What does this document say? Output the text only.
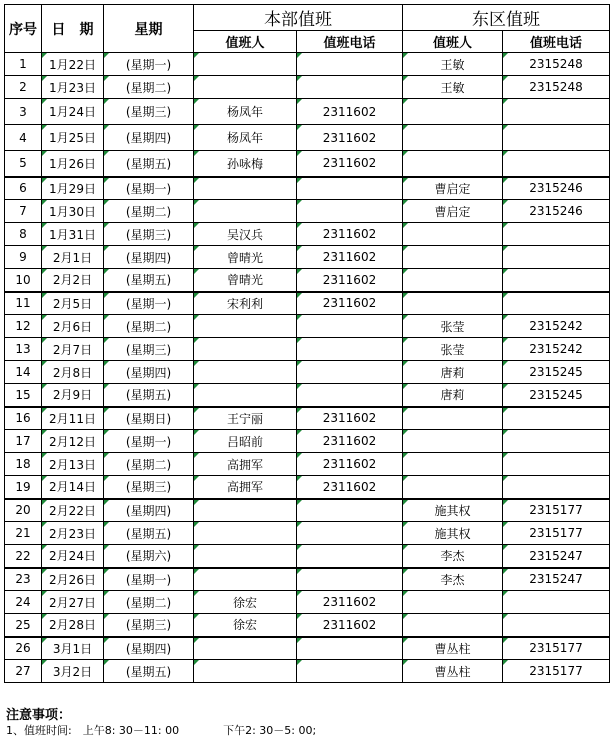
序号	日　期	星期	本部值班		东区值班	
			值班人	值班电话	值班人	值班电话
1	1月22日	(星期一)			王敏	2315248
2	1月23日	(星期二)			王敏	2315248
3	1月24日	(星期三)	杨凤年	2311602		
4	1月25日	(星期四)	杨凤年	2311602		
5	1月26日	(星期五)	孙咏梅	2311602		
6	1月29日	(星期一)			曹启定	2315246
7	1月30日	(星期二)			曹启定	2315246
8	1月31日	(星期三)	吴汉兵	2311602		
9	2月1日	(星期四)	曾晴光	2311602		
10	2月2日	(星期五)	曾晴光	2311602		
11	2月5日	(星期一)	宋利利	2311602		
12	2月6日	(星期二)			张莹	2315242
13	2月7日	(星期三)			张莹	2315242
14	2月8日	(星期四)			唐莉	2315245
15	2月9日	(星期五)			唐莉	2315245
16	2月11日	(星期日)	王宁丽	2311602		
17	2月12日	(星期一)	吕昭前	2311602		
18	2月13日	(星期二)	高拥军	2311602		
19	2月14日	(星期三)	高拥军	2311602		
20	2月22日	(星期四)			施其权	2315177
21	2月23日	(星期五)			施其权	2315177
22	2月24日	(星期六)			李杰	2315247
23	2月26日	(星期一)			李杰	2315247
24	2月27日	(星期二)	徐宏	2311602		
25	2月28日	(星期三)	徐宏	2311602		
26	3月1日	(星期四)			曹丛柱	2315177
27	3月2日	(星期五)			曹丛柱	2315177
注意事项：
1、值班时间:　上午8: 30－11: 00　　　　下午2: 30－5: 00;
